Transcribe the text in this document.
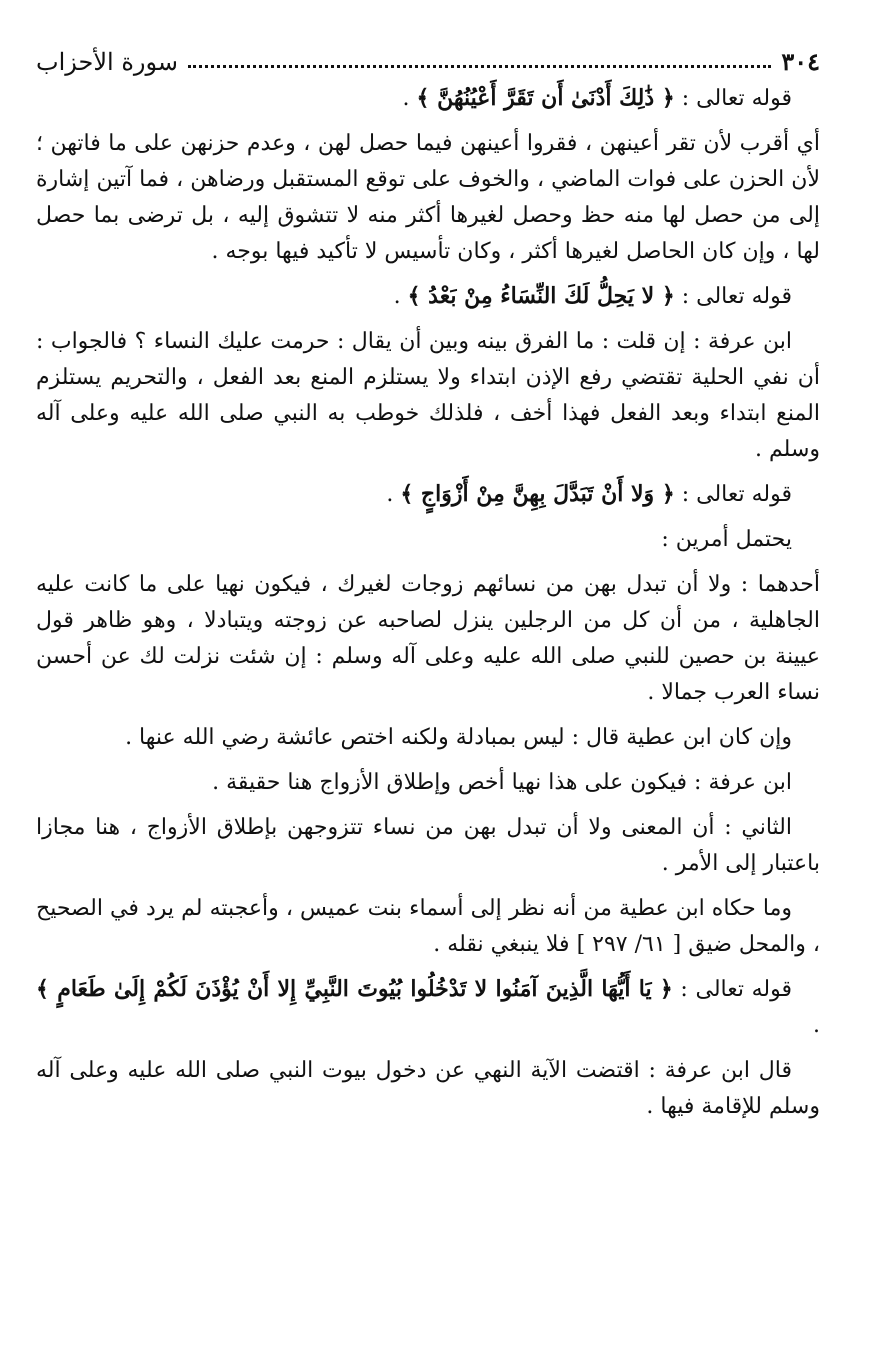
٣٠٤
سورة الأحزاب

قوله تعالى : ﴿ ذَٰلِكَ أَدْنَىٰ أَن تَقَرَّ أَعْيُنُهُنَّ ﴾ .

أي أقرب لأن تقر أعينهن ، فقروا أعينهن فيما حصل لهن ، وعدم حزنهن على ما فاتهن ؛ لأن الحزن على فوات الماضي ، والخوف على توقع المستقبل ورضاهن ، فما آتين إشارة إلى من حصل لها منه حظ وحصل لغيرها أكثر منه لا تتشوق إليه ، بل ترضى بما حصل لها ، وإن كان الحاصل لغيرها أكثر ، وكان تأسيس لا تأكيد فيها بوجه .

قوله تعالى : ﴿ لا يَحِلُّ لَكَ النِّسَاءُ مِنْ بَعْدُ ﴾ .

ابن عرفة : إن قلت : ما الفرق بينه وبين أن يقال : حرمت عليك النساء ؟ فالجواب : أن نفي الحلية تقتضي رفع الإذن ابتداء ولا يستلزم المنع بعد الفعل ، والتحريم يستلزم المنع ابتداء وبعد الفعل فهذا أخف ، فلذلك خوطب به النبي صلى الله عليه وعلى آله وسلم .

قوله تعالى : ﴿ وَلا أَنْ تَبَدَّلَ بِهِنَّ مِنْ أَزْوَاجٍ ﴾ .

يحتمل أمرين :

أحدهما : ولا أن تبدل بهن من نسائهم زوجات لغيرك ، فيكون نهيا على ما كانت عليه الجاهلية ، من أن كل من الرجلين ينزل لصاحبه عن زوجته ويتبادلا ، وهو ظاهر قول عيينة بن حصين للنبي صلى الله عليه وعلى آله وسلم : إن شئت نزلت لك عن أحسن نساء العرب جمالا .

وإن كان ابن عطية قال : ليس بمبادلة ولكنه اختص عائشة رضي الله عنها .

ابن عرفة : فيكون على هذا نهيا أخص وإطلاق الأزواج هنا حقيقة .

الثاني : أن المعنى ولا أن تبدل بهن من نساء تتزوجهن بإطلاق الأزواج ، هنا مجازا باعتبار إلى الأمر .

وما حكاه ابن عطية من أنه نظر إلى أسماء بنت عميس ، وأعجبته لم يرد في الصحيح ، والمحل ضيق [ ٦١/ ٢٩٧ ] فلا ينبغي نقله .

قوله تعالى : ﴿ يَا أَيُّهَا الَّذِينَ آمَنُوا لا تَدْخُلُوا بُيُوتَ النَّبِيِّ إِلا أَنْ يُؤْذَنَ لَكُمْ إِلَىٰ طَعَامٍ ﴾ .

قال ابن عرفة : اقتضت الآية النهي عن دخول بيوت النبي صلى الله عليه وعلى آله وسلم للإقامة فيها .
